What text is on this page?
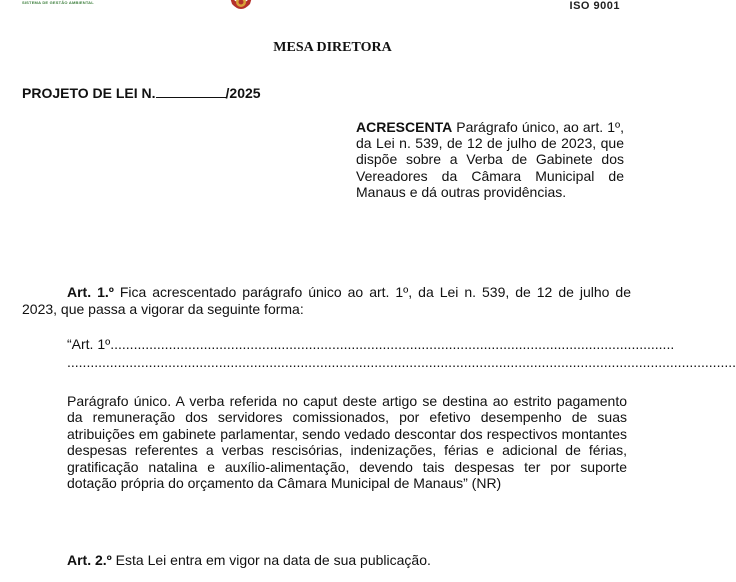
SISTEMA DE GESTÃO AMBIENTAL	ISO 9001
MESA DIRETORA
PROJETO DE LEI N.	/2025
ACRESCENTA Parágrafo único, ao art. 1º, da Lei n. 539, de 12 de julho de 2023, que dispõe sobre a Verba de Gabinete dos Vereadores da Câmara Municipal de Manaus e dá outras providências.
Art. 1.º Fica acrescentado parágrafo único ao art. 1º, da Lei n. 539, de 12 de julho de 2023, que passa a vigorar da seguinte forma:
“Art. 1º.................................................................................................................................................
............................................................................................................................................................................
Parágrafo único. A verba referida no caput deste artigo se destina ao estrito pagamento da remuneração dos servidores comissionados, por efetivo desempenho de suas atribuições em gabinete parlamentar, sendo vedado descontar dos respectivos montantes despesas referentes a verbas rescisórias, indenizações, férias e adicional de férias, gratificação natalina e auxílio-alimentação, devendo tais despesas ter por suporte dotação própria do orçamento da Câmara Municipal de Manaus” (NR)
Art. 2.º Esta Lei entra em vigor na data de sua publicação.
